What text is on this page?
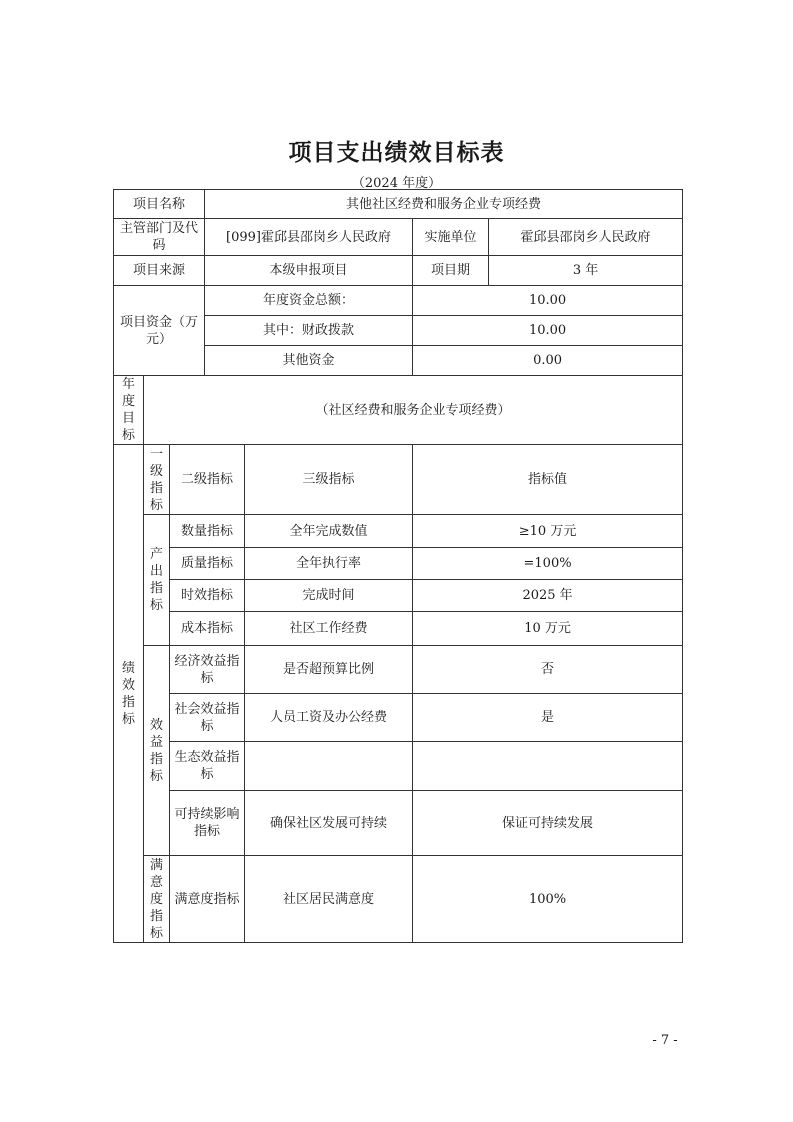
项目支出绩效目标表
（2024 年度）
项目名称			其他社区经费和服务企业专项经费			
主管部门及代码			[099]霍邱县邵岗乡人民政府		实施单位	霍邱县邵岗乡人民政府
项目来源			本级申报项目		项目期	3 年
项目资金（万元）			年度资金总额：		10.00	
			其中：财政拨款		10.00	
			其他资金		0.00	

年度目标	（社区经费和服务企业专项经费）					

绩效指标	一级指标	二级指标		三级指标	指标值	

	产出指标	数量指标		全年完成数值	≥10 万元	
		质量指标		全年执行率	=100%	
		时效指标		完成时间	2025 年	
		成本指标		社区工作经费	10 万元	

	效益指标	经济效益指标		是否超预算比例	否	
		社会效益指标		人员工资及办公经费	是	
		生态效益指标				
		可持续影响指标		确保社区发展可持续	保证可持续发展	

	满意度指标	满意度指标		社区居民满意度	100%	
- 7 -
